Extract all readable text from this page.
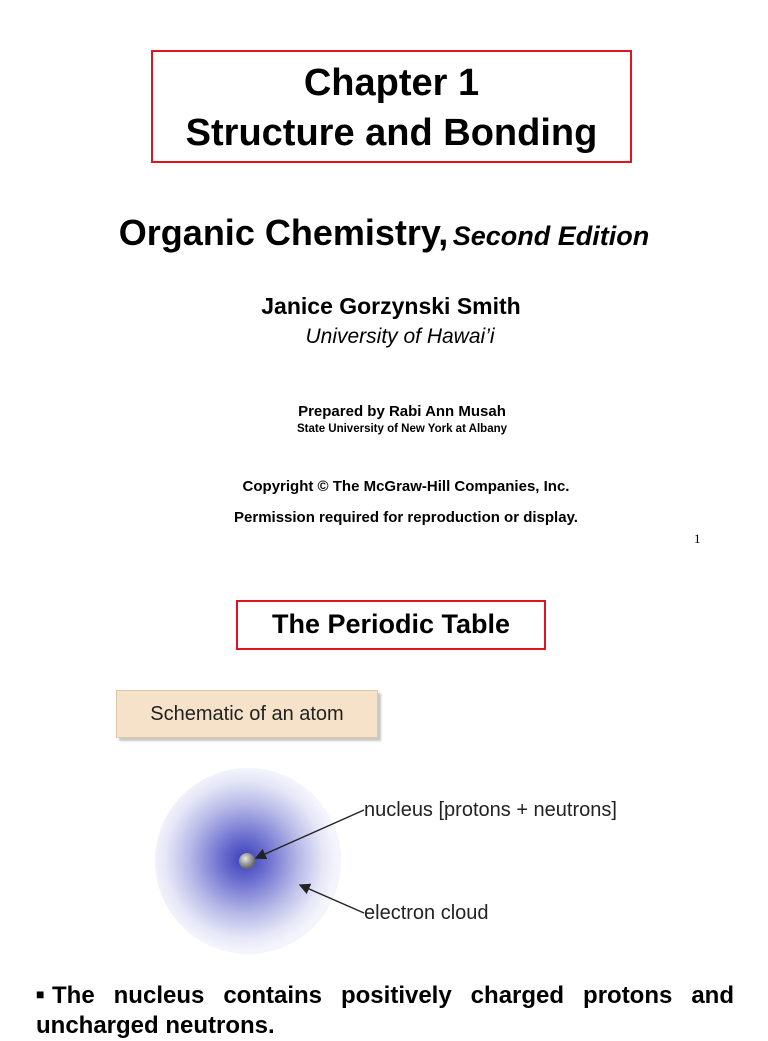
Chapter 1
Structure and Bonding
Organic Chemistry, Second Edition
Janice Gorzynski Smith
University of Hawai’i
Prepared by Rabi Ann Musah
State University of New York at Albany
Copyright © The McGraw-Hill Companies, Inc.
Permission required for reproduction or display.
1
The Periodic Table
Schematic of an atom
nucleus [protons + neutrons]
electron cloud
■ The nucleus contains positively charged protons and uncharged neutrons.
